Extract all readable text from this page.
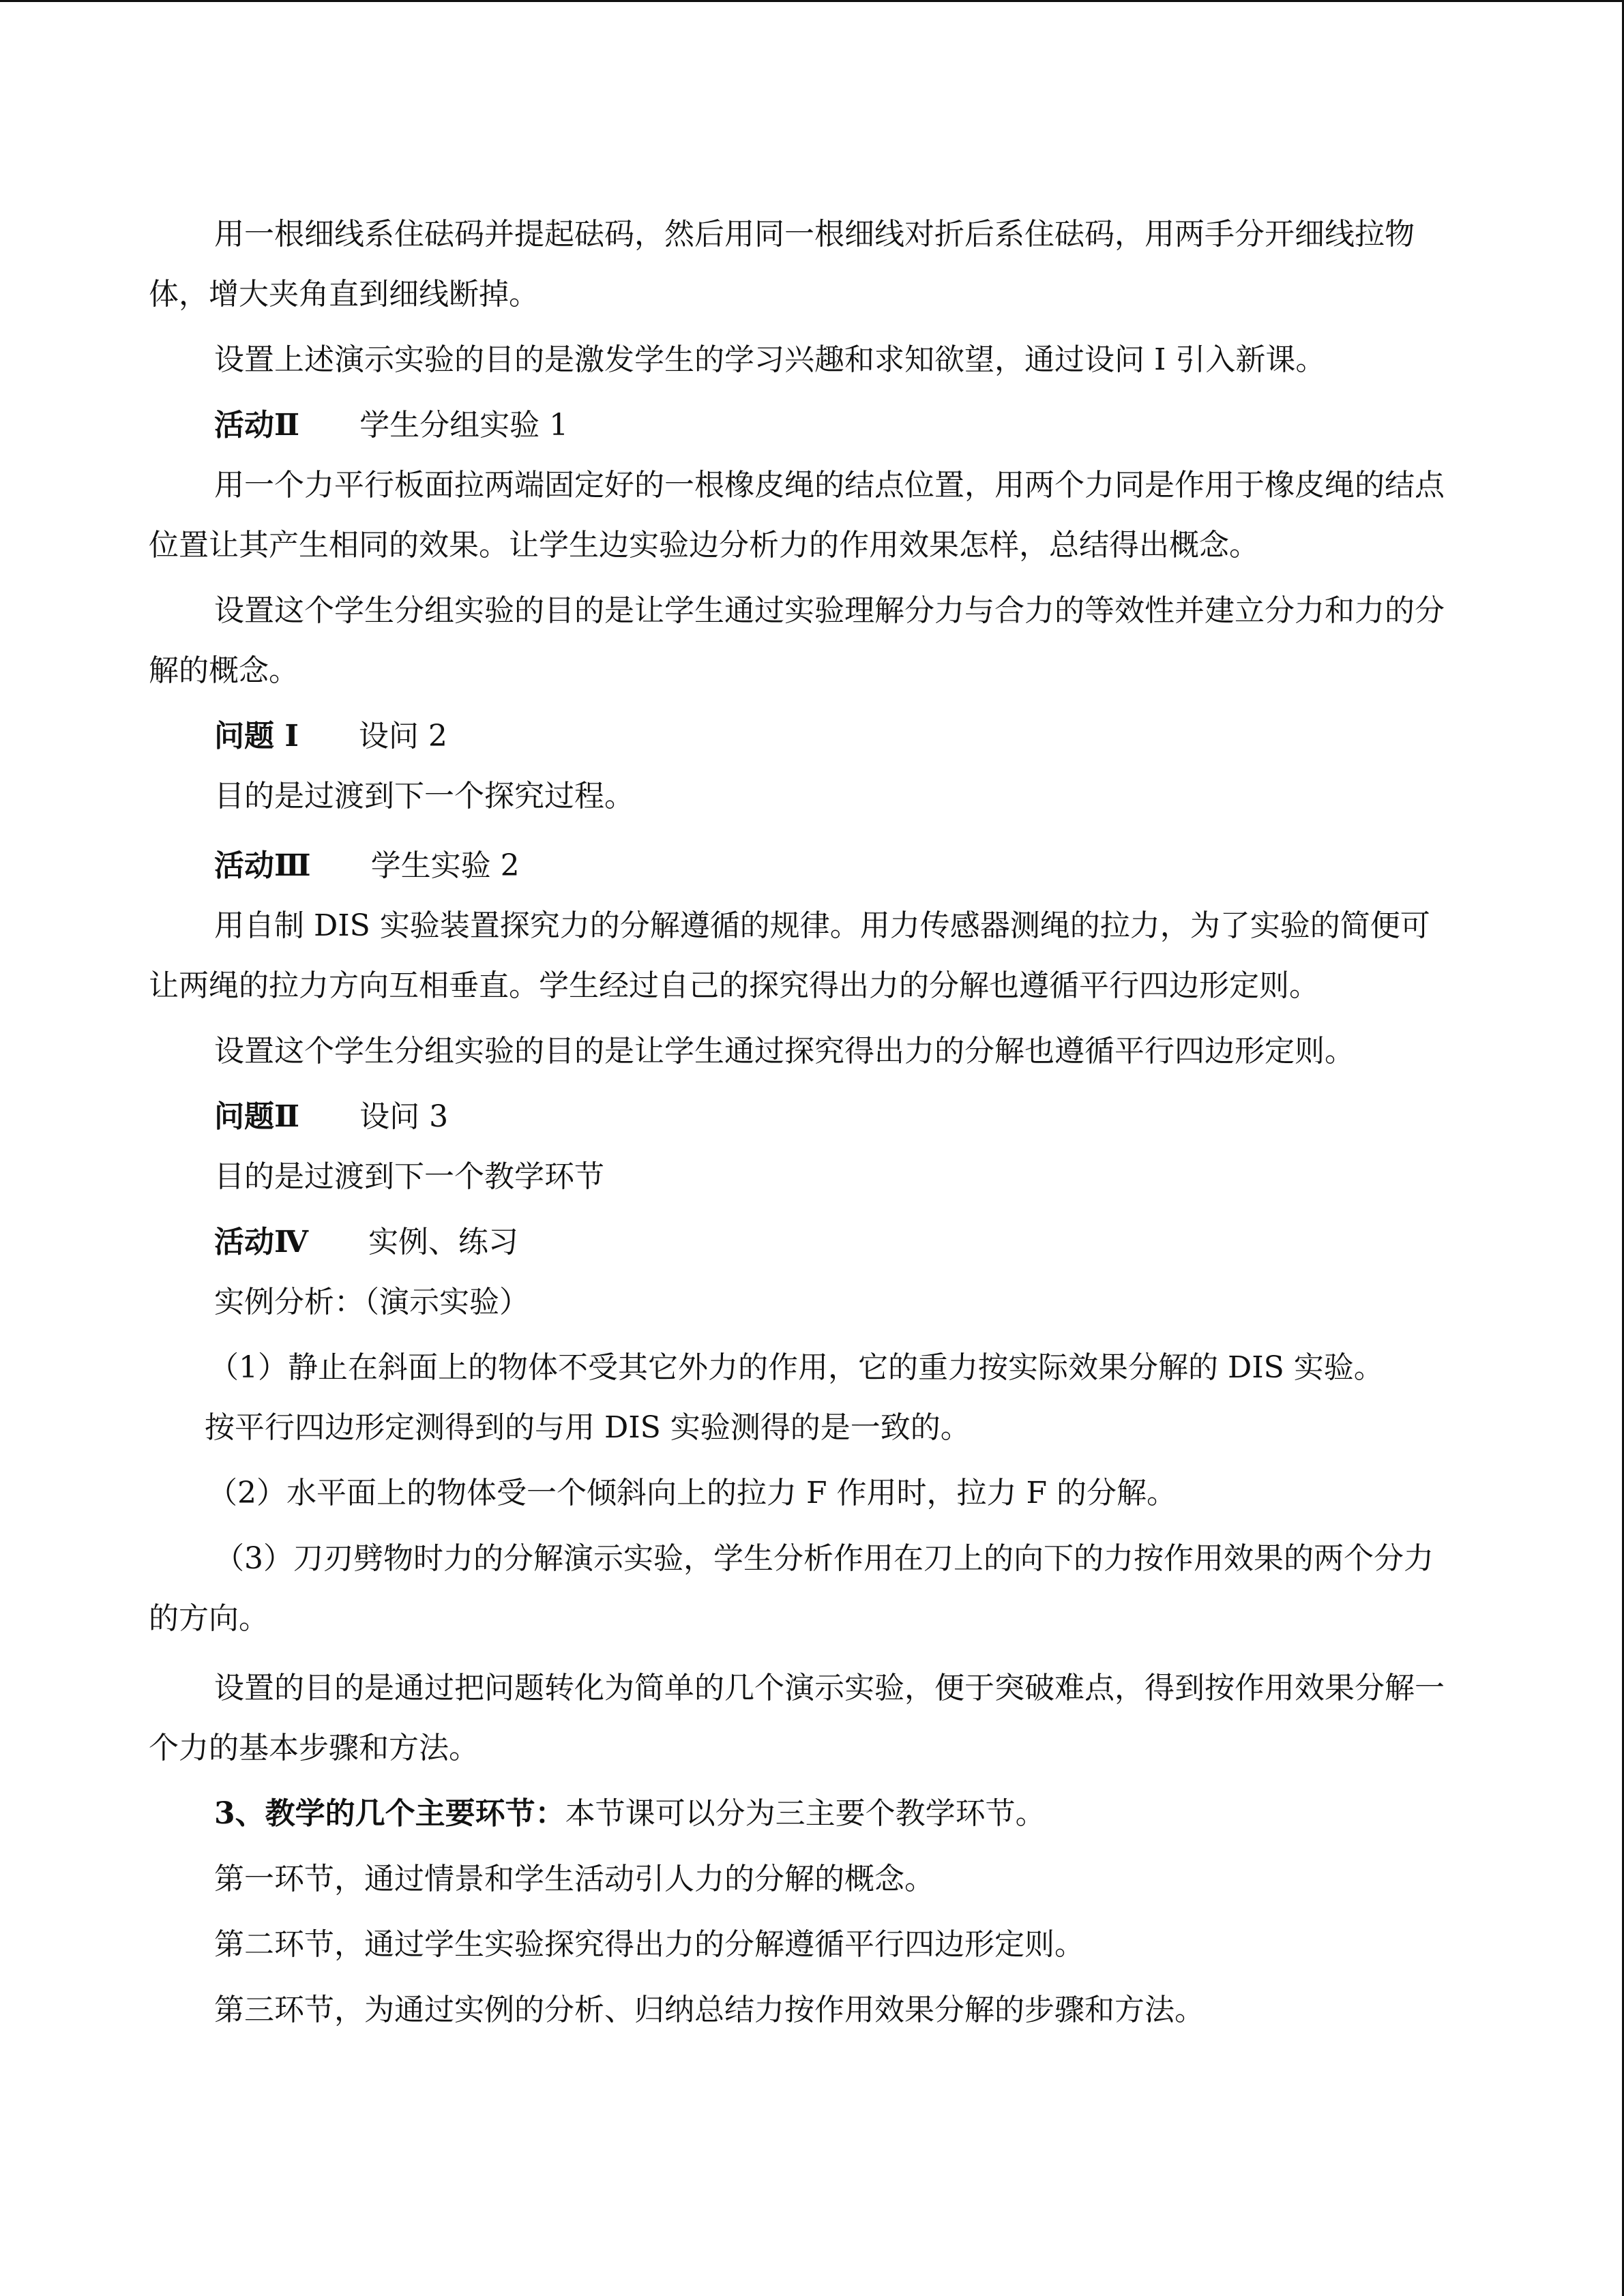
用一根细线系住砝码并提起砝码，然后用同一根细线对折后系住砝码，用两手分开细线拉物体，增大夹角直到细线断掉。

设置上述演示实验的目的是激发学生的学习兴趣和求知欲望，通过设问 I 引入新课。

活动Ⅱ   学生分组实验 1

用一个力平行板面拉两端固定好的一根橡皮绳的结点位置，用两个力同是作用于橡皮绳的结点位置让其产生相同的效果。让学生边实验边分析力的作用效果怎样，总结得出概念。

设置这个学生分组实验的目的是让学生通过实验理解分力与合力的等效性并建立分力和力的分解的概念。

问题 I   设问 2

目的是过渡到下一个探究过程。

活动Ⅲ   学生实验 2

用自制 DIS 实验装置探究力的分解遵循的规律。用力传感器测绳的拉力，为了实验的简便可让两绳的拉力方向互相垂直。学生经过自己的探究得出力的分解也遵循平行四边形定则。

设置这个学生分组实验的目的是让学生通过探究得出力的分解也遵循平行四边形定则。

问题Ⅱ   设问 3

目的是过渡到下一个教学环节

活动Ⅳ   实例、练习

实例分析：（演示实验）

（1）静止在斜面上的物体不受其它外力的作用，它的重力按实际效果分解的 DIS 实验。

按平行四边形定测得到的与用 DIS 实验测得的是一致的。

（2）水平面上的物体受一个倾斜向上的拉力 F 作用时，拉力 F 的分解。

（3）刀刃劈物时力的分解演示实验，学生分析作用在刀上的向下的力按作用效果的两个分力的方向。

设置的目的是通过把问题转化为简单的几个演示实验，便于突破难点，得到按作用效果分解一个力的基本步骤和方法。

3、教学的几个主要环节：本节课可以分为三主要个教学环节。

第一环节，通过情景和学生活动引人力的分解的概念。

第二环节，通过学生实验探究得出力的分解遵循平行四边形定则。

第三环节，为通过实例的分析、归纳总结力按作用效果分解的步骤和方法。
